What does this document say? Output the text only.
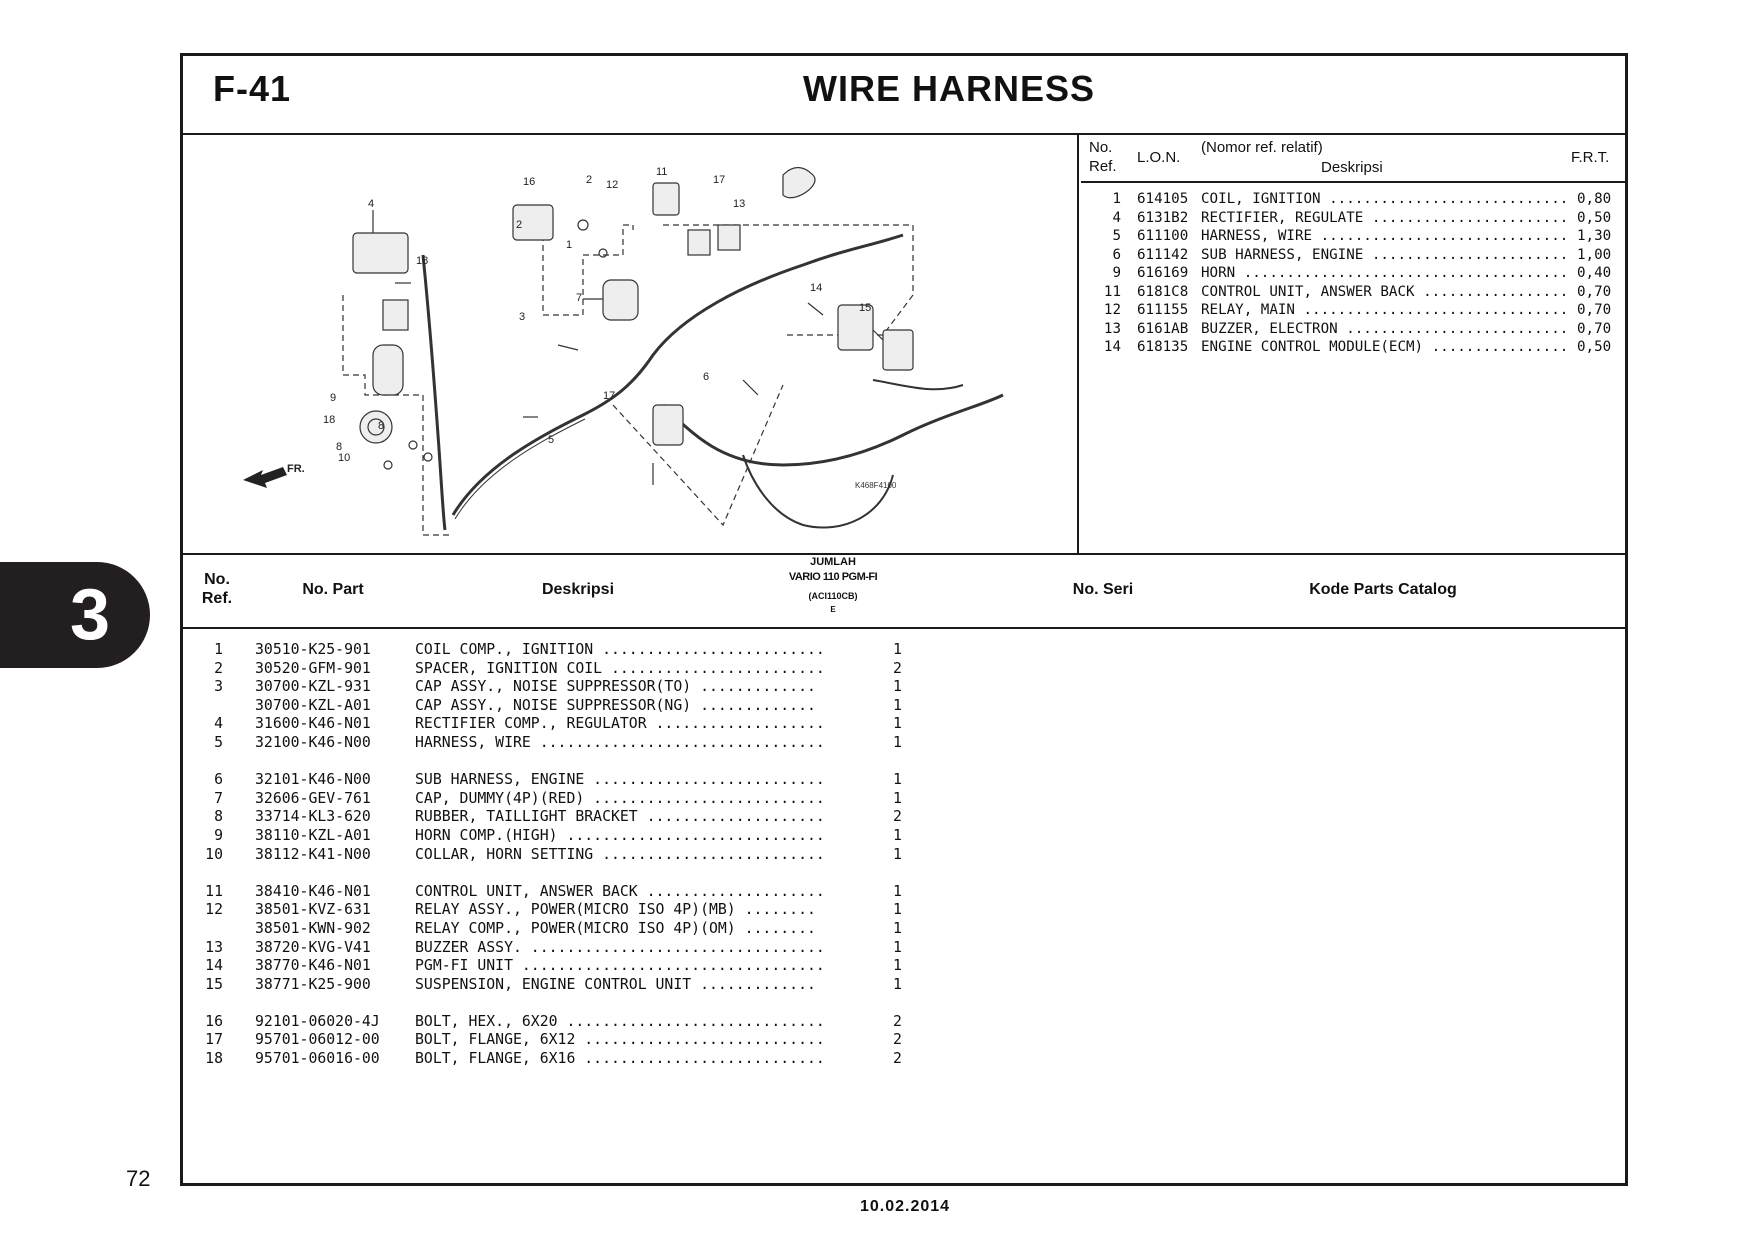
F-41	WIRE HARNESS
FR.
K468F4100
16	2 12
11
17
13
4
2
1
18
7
14
3
15
6
9	17
18	8
8
10
5
No.
Ref.
L.O.N.
(Nomor ref. relatif)
Deskripsi
F.R.T.
1 614105 COIL, IGNITION ............................ 0,80
4 6131B2 RECTIFIER, REGULATE ....................... 0,50
5 611100 HARNESS, WIRE ............................. 1,30
6 611142 SUB HARNESS, ENGINE ....................... 1,00
9 616169 HORN ...................................... 0,40
11 6181C8 CONTROL UNIT, ANSWER BACK ................. 0,70
12 611155 RELAY, MAIN ............................... 0,70
13 6161AB BUZZER, ELECTRON .......................... 0,70
14 618135 ENGINE CONTROL MODULE(ECM) ................ 0,50
No.
Ref.
No. Part	Deskripsi
JUMLAH
VARIO 110 PGM-FI
(ACI110CB)
E
No. Seri	Kode Parts Catalog
1 30510-K25-901	COIL COMP., IGNITION .........................	1
2 30520-GFM-901	SPACER, IGNITION COIL ........................	2
3 30700-KZL-931	CAP ASSY., NOISE SUPPRESSOR(TO) .............	1
30700-KZL-A01	CAP ASSY., NOISE SUPPRESSOR(NG) .............	1
4 31600-K46-N01	RECTIFIER COMP., REGULATOR ...................	1
5 32100-K46-N00	HARNESS, WIRE ................................	1
6 32101-K46-N00	SUB HARNESS, ENGINE ..........................	1
7 32606-GEV-761	CAP, DUMMY(4P)(RED) ..........................	1
8 33714-KL3-620	RUBBER, TAILLIGHT BRACKET ....................	2
9 38110-KZL-A01	HORN COMP.(HIGH) .............................	1
10 38112-K41-N00	COLLAR, HORN SETTING .........................	1
11 38410-K46-N01	CONTROL UNIT, ANSWER BACK ....................	1
12 38501-KVZ-631	RELAY ASSY., POWER(MICRO ISO 4P)(MB) ........	1
38501-KWN-902	RELAY COMP., POWER(MICRO ISO 4P)(OM) ........	1
13 38720-KVG-V41	BUZZER ASSY. .................................	1
14 38770-K46-N01	PGM-FI UNIT ..................................	1
15 38771-K25-900	SUSPENSION, ENGINE CONTROL UNIT .............	1
16 92101-06020-4J BOLT, HEX., 6X20 .............................	2
17 95701-06012-00 BOLT, FLANGE, 6X12 ...........................	2
18 95701-06016-00 BOLT, FLANGE, 6X16 ...........................	2
3
72
10.02.2014
